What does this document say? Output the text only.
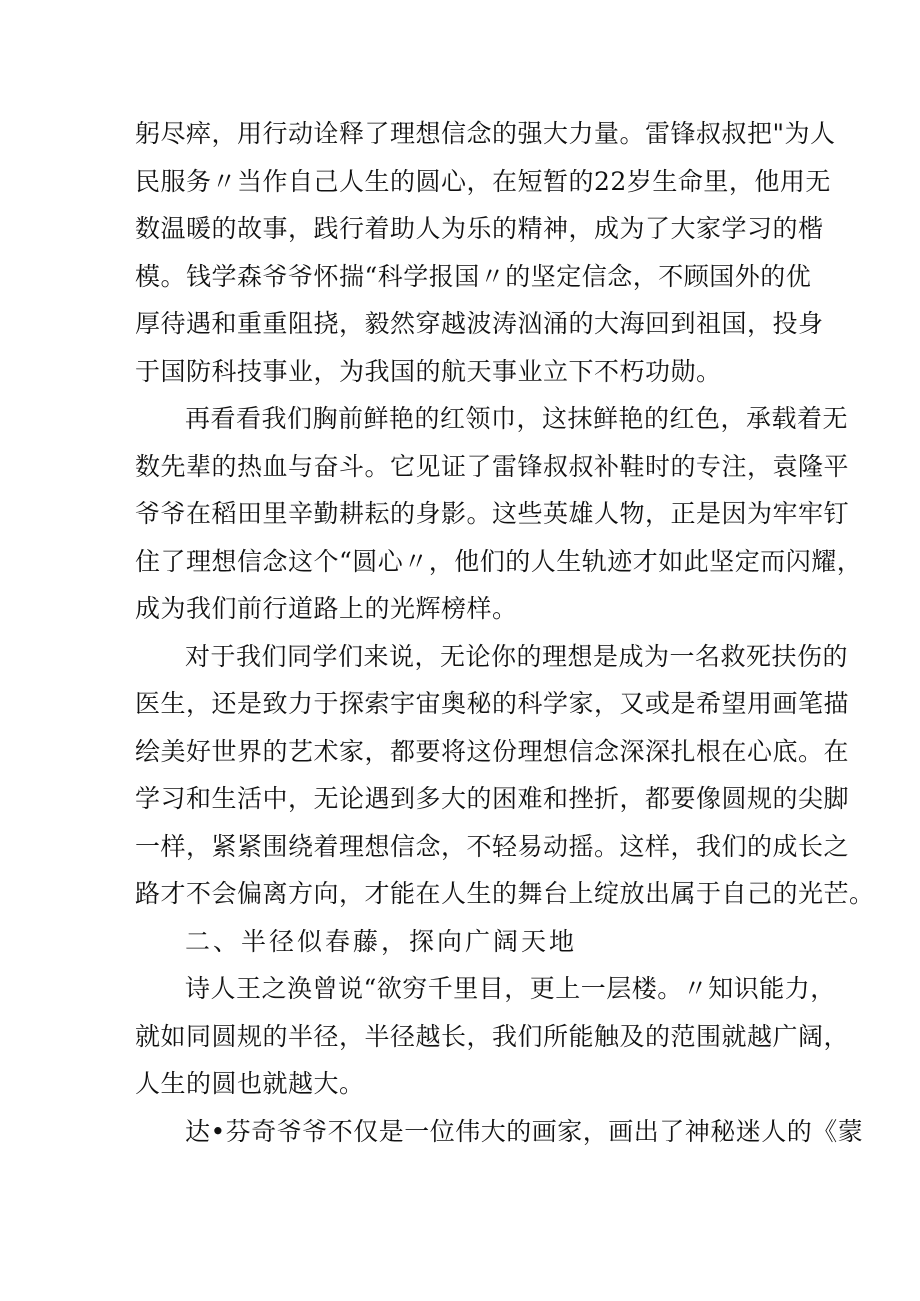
躬尽瘁，用行动诠释了理想信念的强大力量。雷锋叔叔把"为人
民服务〃当作自己人生的圆心，在短暂的22岁生命里，他用无
数温暖的故事，践行着助人为乐的精神，成为了大家学习的楷
模。钱学森爷爷怀揣“科学报国〃的坚定信念，不顾国外的优
厚待遇和重重阻挠，毅然穿越波涛汹涌的大海回到祖国，投身
于国防科技事业，为我国的航天事业立下不朽功勋。
再看看我们胸前鲜艳的红领巾，这抹鲜艳的红色，承载着无
数先辈的热血与奋斗。它见证了雷锋叔叔补鞋时的专注，袁隆平
爷爷在稻田里辛勤耕耘的身影。这些英雄人物，正是因为牢牢钉
住了理想信念这个“圆心〃，他们的人生轨迹才如此坚定而闪耀，
成为我们前行道路上的光辉榜样。
对于我们同学们来说，无论你的理想是成为一名救死扶伤的
医生，还是致力于探索宇宙奥秘的科学家，又或是希望用画笔描
绘美好世界的艺术家，都要将这份理想信念深深扎根在心底。在
学习和生活中，无论遇到多大的困难和挫折，都要像圆规的尖脚
一样，紧紧围绕着理想信念，不轻易动摇。这样，我们的成长之
路才不会偏离方向，才能在人生的舞台上绽放出属于自己的光芒。
二、半径似春藤，探向广阔天地
诗人王之涣曾说“欲穷千里目，更上一层楼。〃知识能力，
就如同圆规的半径，半径越长，我们所能触及的范围就越广阔，
人生的圆也就越大。
达•芬奇爷爷不仅是一位伟大的画家，画出了神秘迷人的《蒙
